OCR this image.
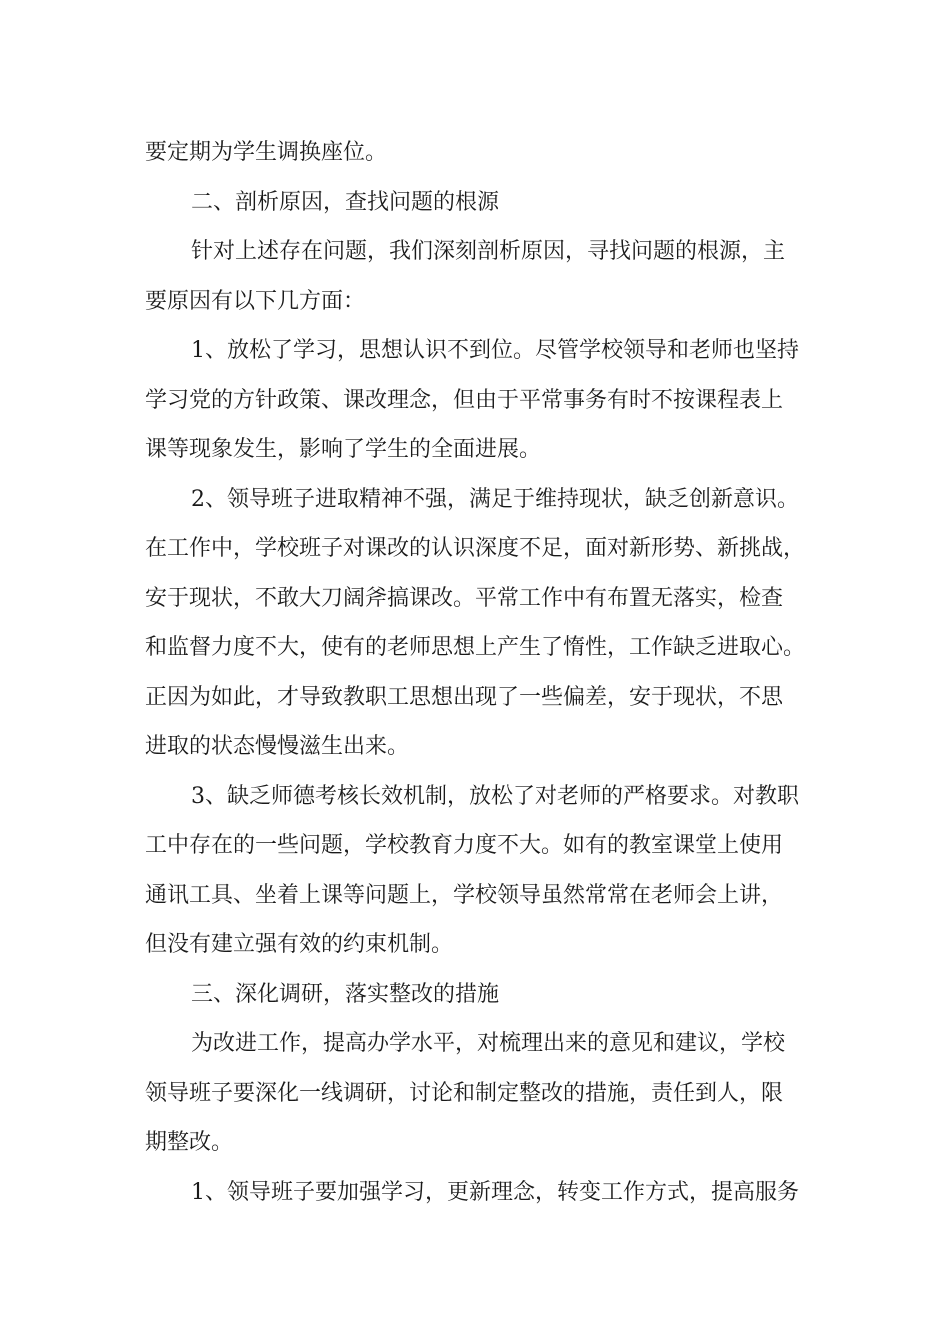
要定期为学生调换座位。
二、剖析原因，查找问题的根源
针对上述存在问题，我们深刻剖析原因，寻找问题的根源，主
要原因有以下几方面：
1、放松了学习，思想认识不到位。尽管学校领导和老师也坚持
学习党的方针政策、课改理念，但由于平常事务有时不按课程表上
课等现象发生，影响了学生的全面进展。
2、领导班子进取精神不强，满足于维持现状，缺乏创新意识。
在工作中，学校班子对课改的认识深度不足，面对新形势、新挑战，
安于现状，不敢大刀阔斧搞课改。平常工作中有布置无落实，检查
和监督力度不大，使有的老师思想上产生了惰性，工作缺乏进取心。
正因为如此，才导致教职工思想出现了一些偏差，安于现状，不思
进取的状态慢慢滋生出来。
3、缺乏师德考核长效机制，放松了对老师的严格要求。对教职
工中存在的一些问题，学校教育力度不大。如有的教室课堂上使用
通讯工具、坐着上课等问题上，学校领导虽然常常在老师会上讲，
但没有建立强有效的约束机制。
三、深化调研，落实整改的措施
为改进工作，提高办学水平，对梳理出来的意见和建议，学校
领导班子要深化一线调研，讨论和制定整改的措施，责任到人，限
期整改。
1、领导班子要加强学习，更新理念，转变工作方式，提高服务
